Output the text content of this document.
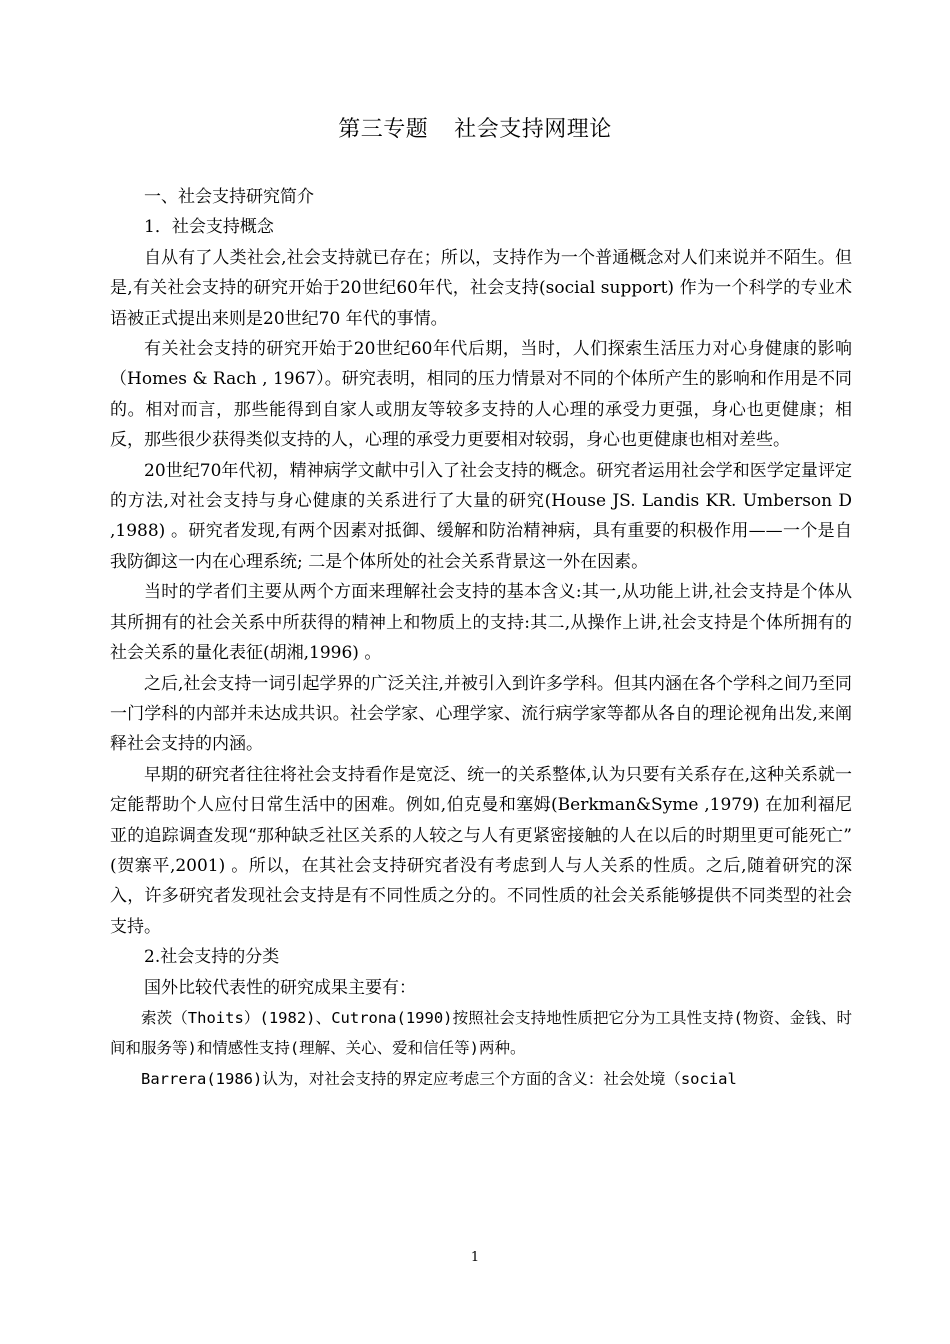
第三专题 社会支持网理论

一、社会支持研究简介

1．社会支持概念

自从有了人类社会,社会支持就已存在；所以，支持作为一个普通概念对人们来说并不陌生。但是,有关社会支持的研究开始于20世纪60年代，社会支持(social support) 作为一个科学的专业术语被正式提出来则是20世纪70 年代的事情。

有关社会支持的研究开始于20世纪60年代后期，当时，人们探索生活压力对心身健康的影响（Homes & Rach , 1967）。研究表明，相同的压力情景对不同的个体所产生的影响和作用是不同的。相对而言，那些能得到自家人或朋友等较多支持的人心理的承受力更强，身心也更健康；相反，那些很少获得类似支持的人，心理的承受力更要相对较弱，身心也更健康也相对差些。

20世纪70年代初，精神病学文献中引入了社会支持的概念。研究者运用社会学和医学定量评定的方法,对社会支持与身心健康的关系进行了大量的研究(House JS. Landis KR. Umberson D ,1988) 。研究者发现,有两个因素对抵御、缓解和防治精神病，具有重要的积极作用——一个是自我防御这一内在心理系统; 二是个体所处的社会关系背景这一外在因素。

当时的学者们主要从两个方面来理解社会支持的基本含义:其一,从功能上讲,社会支持是个体从其所拥有的社会关系中所获得的精神上和物质上的支持:其二,从操作上讲,社会支持是个体所拥有的社会关系的量化表征(胡湘,1996) 。

之后,社会支持一词引起学界的广泛关注,并被引入到许多学科。但其内涵在各个学科之间乃至同一门学科的内部并未达成共识。社会学家、心理学家、流行病学家等都从各自的理论视角出发,来阐释社会支持的内涵。

早期的研究者往往将社会支持看作是宽泛、统一的关系整体,认为只要有关系存在,这种关系就一定能帮助个人应付日常生活中的困难。例如,伯克曼和塞姆(Berkman&Syme ,1979) 在加利福尼亚的追踪调查发现“那种缺乏社区关系的人较之与人有更紧密接触的人在以后的时期里更可能死亡” (贺寨平,2001) 。所以，在其社会支持研究者没有考虑到人与人关系的性质。之后,随着研究的深入，许多研究者发现社会支持是有不同性质之分的。不同性质的社会关系能够提供不同类型的社会支持。

2.社会支持的分类

国外比较代表性的研究成果主要有：

索茨（Thoits）(1982)、Cutrona(1990)按照社会支持地性质把它分为工具性支持(物资、金钱、时间和服务等)和情感性支持(理解、关心、爱和信任等)两种。

Barrera(1986)认为，对社会支持的界定应考虑三个方面的含义：社会处境（social

1
